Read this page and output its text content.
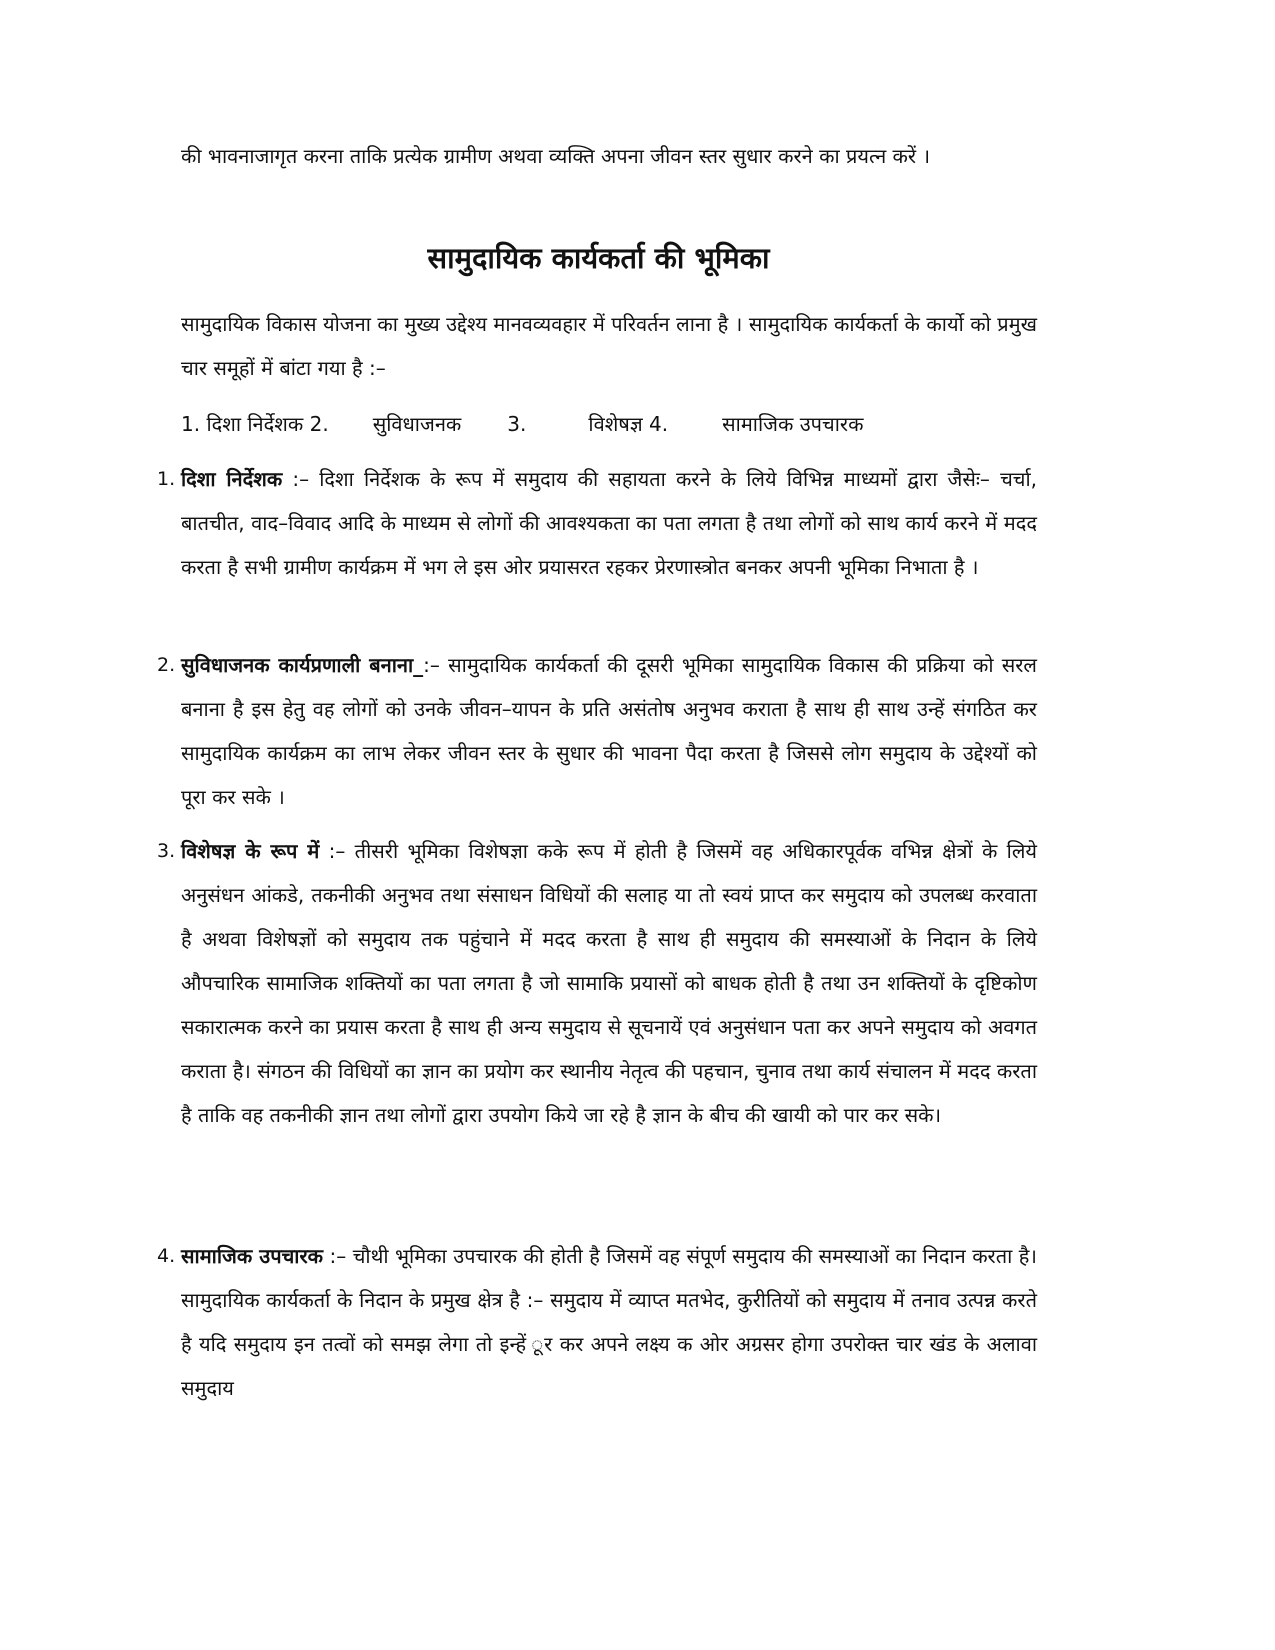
की भावनाजागृत करना ताकि प्रत्येक ग्रामीण अथवा व्यक्ति अपना जीवन स्तर सुधार करने का प्रयत्न करें ।

सामुदायिक कार्यकर्ता की भूमिका

सामुदायिक विकास योजना का मुख्य उद्देश्य मानवव्यवहार में परिवर्तन लाना है । सामुदायिक कार्यकर्ता के कार्यो को प्रमुख चार समूहों में बांटा गया है :–

1. दिशा निर्देशक 2. सुविधाजनक 3.	विशेषज्ञ 4.	सामाजिक उपचारक
1. दिशा निर्देशक :– दिशा निर्देशक के रूप में समुदाय की सहायता करने के लिये विभिन्न माध्यमों द्वारा जैसेः– चर्चा, बातचीत, वाद–विवाद आदि के माध्यम से लोगों की आवश्यकता का पता लगता है तथा लोगों को साथ कार्य करने में मदद करता है सभी ग्रामीण कार्यक्रम में भग ले इस ओर प्रयासरत रहकर प्रेरणास्त्रोत बनकर अपनी भूमिका निभाता है ।
2. सुविधाजनक कार्यप्रणाली बनाना_:– सामुदायिक कार्यकर्ता की दूसरी भूमिका सामुदायिक विकास की प्रक्रिया को सरल बनाना है इस हेतु वह लोगों को उनके जीवन–यापन के प्रति असंतोष अनुभव कराता है साथ ही साथ उन्हें संगठित कर सामुदायिक कार्यक्रम का लाभ लेकर जीवन स्तर के सुधार की भावना पैदा करता है जिससे लोग समुदाय के उद्देश्यों को पूरा कर सके ।
3. विशेषज्ञ के रूप में :– तीसरी भूमिका विशेषज्ञा कके रूप में होती है जिसमें वह अधिकारपूर्वक वभिन्न क्षेत्रों के लिये अनुसंधन आंकडे, तकनीकी अनुभव तथा संसाधन विधियों की सलाह या तो स्वयं प्राप्त कर समुदाय को उपलब्ध करवाता है अथवा विशेषज्ञों को समुदाय तक पहुंचाने में मदद करता है साथ ही समुदाय की समस्याओं के निदान के लिये औपचारिक सामाजिक शक्तियों का पता लगता है जो सामाकि प्रयासों को बाधक होती है तथा उन शक्तियों के दृष्टिकोण सकारात्मक करने का प्रयास करता है साथ ही अन्य समुदाय से सूचनायें एवं अनुसंधान पता कर अपने समुदाय को अवगत कराता है। संगठन की विधियों का ज्ञान का प्रयोग कर स्थानीय नेतृत्व की पहचान, चुनाव तथा कार्य संचालन में मदद करता है ताकि वह तकनीकी ज्ञान तथा लोगों द्वारा उपयोग किये जा रहे है ज्ञान के बीच की खायी को पार कर सके।
4. सामाजिक उपचारक :– चौथी भूमिका उपचारक की होती है जिसमें वह संपूर्ण समुदाय की समस्याओं का निदान करता है। सामुदायिक कार्यकर्ता के निदान के प्रमुख क्षेत्र है :– समुदाय में व्याप्त मतभेद, कुरीतियों को समुदाय में तनाव उत्पन्न करते है यदि समुदाय इन तत्वों को समझ लेगा तो इन्हें ूर कर अपने लक्ष्य क ओर अग्रसर होगा उपरोक्त चार खंड के अलावा समुदाय
